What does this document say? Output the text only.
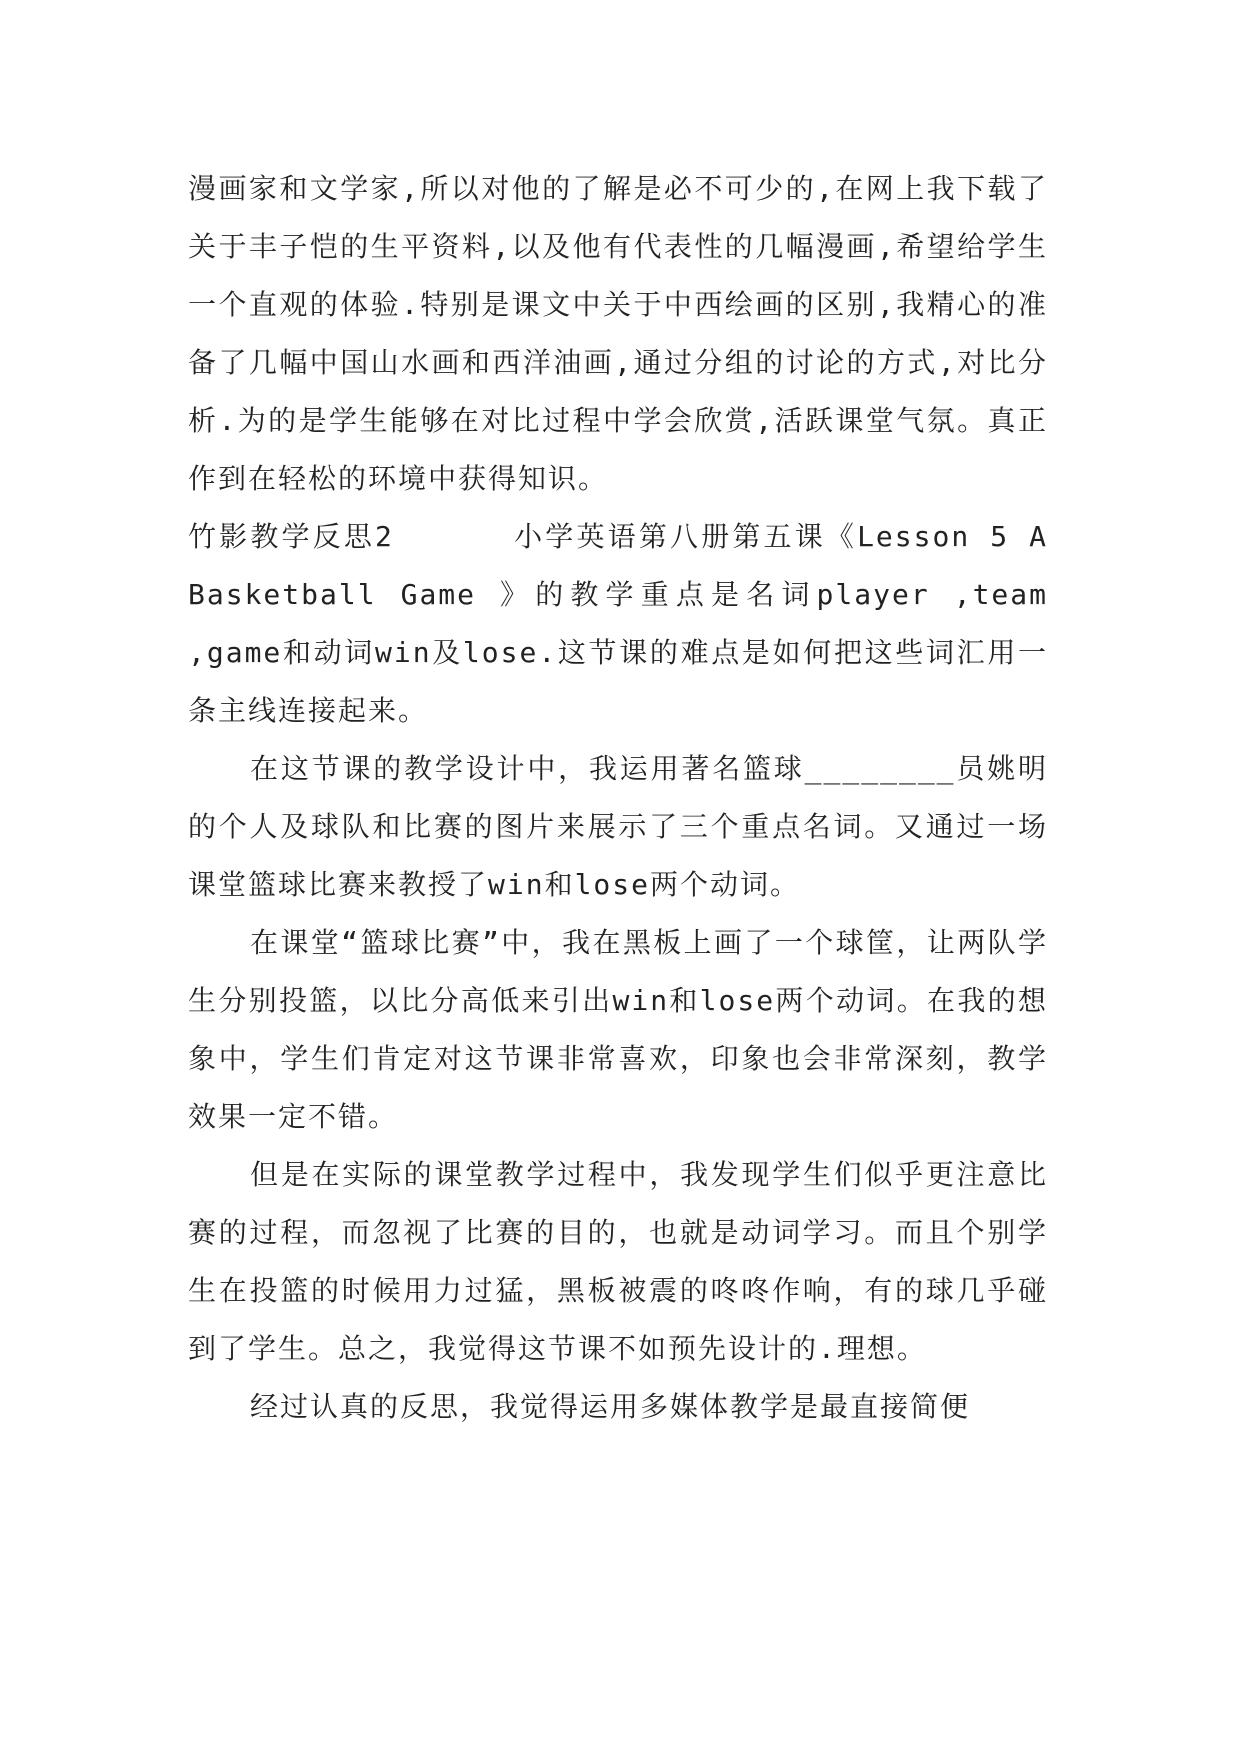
漫画家和文学家,所以对他的了解是必不可少的,在网上我下载了关于丰子恺的生平资料,以及他有代表性的几幅漫画,希望给学生一个直观的体验.特别是课文中关于中西绘画的区别,我精心的准备了几幅中国山水画和西洋油画,通过分组的讨论的方式,对比分析.为的是学生能够在对比过程中学会欣赏,活跃课堂气氛。真正作到在轻松的环境中获得知识。

竹影教学反思2	小学英语第八册第五课《Lesson 5 A Basketball Game 》的教学重点是名词player ,team ,game和动词win及lose.这节课的难点是如何把这些词汇用一条主线连接起来。

在这节课的教学设计中，我运用著名篮球________员姚明的个人及球队和比赛的图片来展示了三个重点名词。又通过一场课堂篮球比赛来教授了win和lose两个动词。

在课堂“篮球比赛”中，我在黑板上画了一个球筐，让两队学生分别投篮，以比分高低来引出win和lose两个动词。在我的想象中，学生们肯定对这节课非常喜欢，印象也会非常深刻，教学效果一定不错。

但是在实际的课堂教学过程中，我发现学生们似乎更注意比赛的过程，而忽视了比赛的目的，也就是动词学习。而且个别学生在投篮的时候用力过猛，黑板被震的咚咚作响，有的球几乎碰到了学生。总之，我觉得这节课不如预先设计的.理想。

经过认真的反思，我觉得运用多媒体教学是最直接简便
